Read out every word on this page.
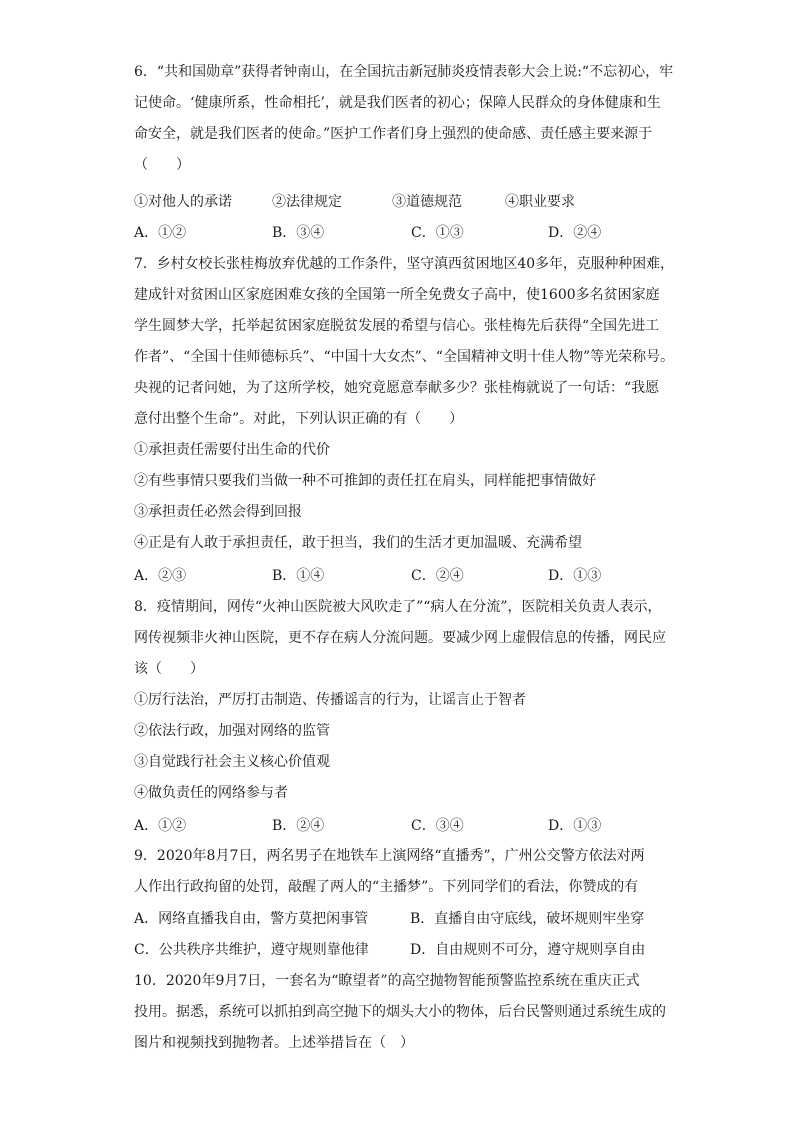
6．“共和国勋章”获得者钟南山，在全国抗击新冠肺炎疫情表彰大会上说:“不忘初心，牢
记使命。‘健康所系，性命相托’，就是我们医者的初心；保障人民群众的身体健康和生
命安全，就是我们医者的使命。”医护工作者们身上强烈的使命感、责任感主要来源于
（　　）
①对他人的承诺	②法律规定	③道德规范	④职业要求
A．①②	B．③④	C．①③	D．②④
7．乡村女校长张桂梅放弃优越的工作条件，坚守滇西贫困地区40多年，克服种种困难，
建成针对贫困山区家庭困难女孩的全国第一所全免费女子高中，使1600多名贫困家庭
学生圆梦大学，托举起贫困家庭脱贫发展的希望与信心。张桂梅先后获得“全国先进工
作者”、“全国十佳师德标兵”、“中国十大女杰”、“全国精神文明十佳人物”等光荣称号。
央视的记者问她，为了这所学校，她究竟愿意奉献多少？张桂梅就说了一句话：“我愿
意付出整个生命”。对此，下列认识正确的有（　　）
①承担责任需要付出生命的代价
②有些事情只要我们当做一种不可推卸的责任扛在肩头，同样能把事情做好
③承担责任必然会得到回报
④正是有人敢于承担责任，敢于担当，我们的生活才更加温暖、充满希望
A．②③	B．①④	C．②④	D．①③
8．疫情期间，网传“火神山医院被大风吹走了”“病人在分流”，医院相关负责人表示，
网传视频非火神山医院，更不存在病人分流问题。要减少网上虚假信息的传播，网民应
该（　　）
①厉行法治，严厉打击制造、传播谣言的行为，让谣言止于智者
②依法行政，加强对网络的监管
③自觉践行社会主义核心价值观
④做负责任的网络参与者
A．①②	B．②④	C．③④	D．①③
9．2020年8月7日，两名男子在地铁车上演网络“直播秀”，广州公交警方依法对两
人作出行政拘留的处罚，敲醒了两人的“主播梦”。下列同学们的看法，你赞成的有
A．网络直播我自由，警方莫把闲事管	B．直播自由守底线，破坏规则牢坐穿
C．公共秩序共维护，遵守规则靠他律	D．自由规则不可分，遵守规则享自由
10．2020年9月7日，一套名为“瞭望者”的高空抛物智能预警监控系统在重庆正式
投用。据悉，系统可以抓拍到高空抛下的烟头大小的物体，后台民警则通过系统生成的
图片和视频找到抛物者。上述举措旨在（　）
